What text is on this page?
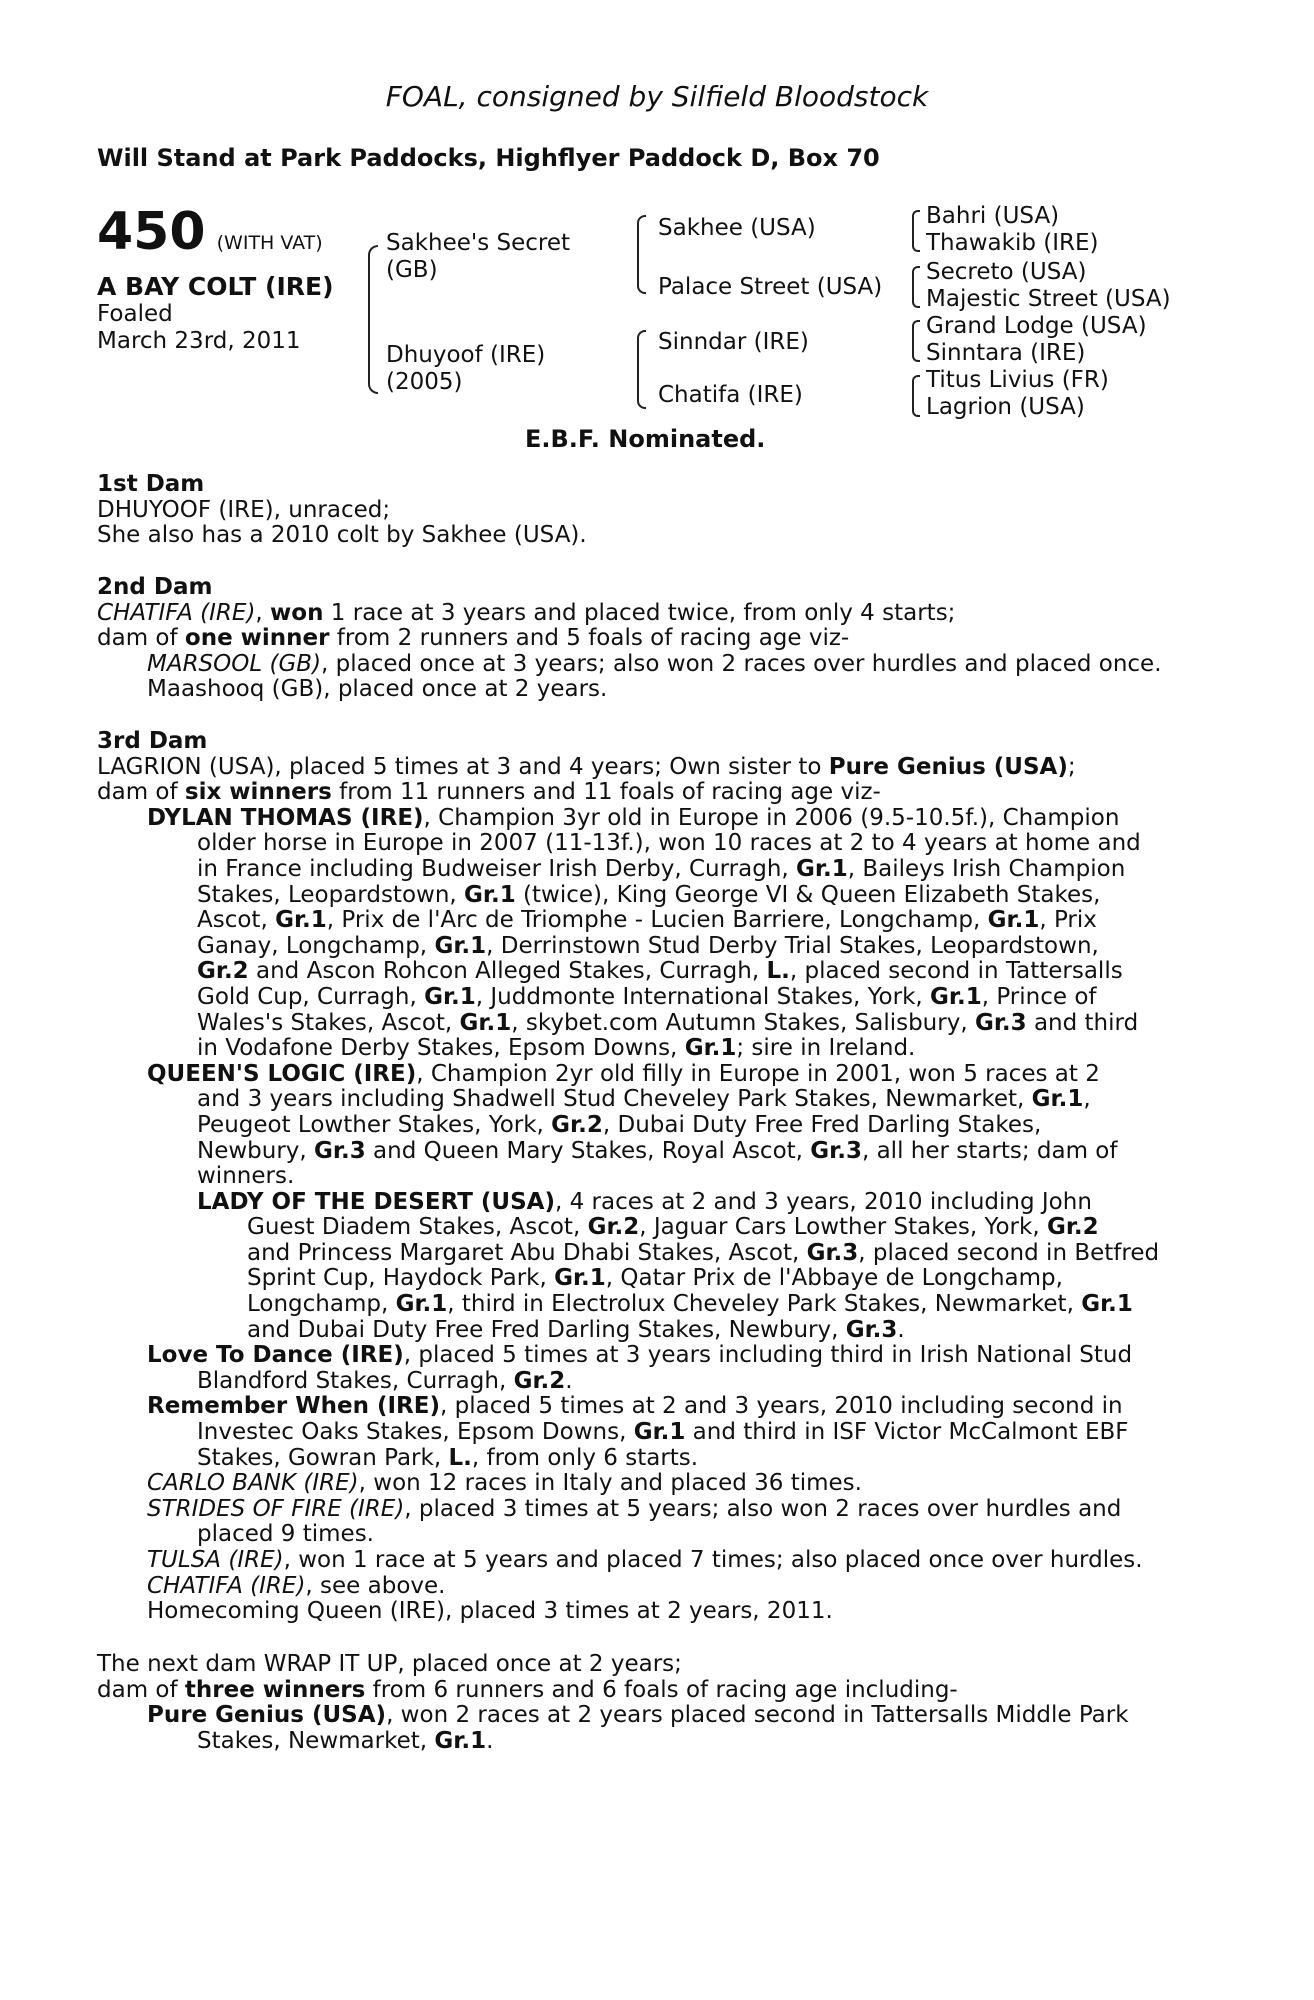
FOAL, consigned by Silfield Bloodstock
Will Stand at Park Paddocks, Highflyer Paddock D, Box 70
450 (WITH VAT)
A BAY COLT (IRE)
Foaled
March 23rd, 2011
Sakhee's Secret
(GB)
Dhuyoof (IRE)
(2005)
Sakhee (USA)
Palace Street (USA)
Sinndar (IRE)
Chatifa (IRE)
Bahri (USA)
Thawakib (IRE)
Secreto (USA)
Majestic Street (USA)
Grand Lodge (USA)
Sinntara (IRE)
Titus Livius (FR)
Lagrion (USA)
E.B.F. Nominated.
1st Dam
DHUYOOF (IRE), unraced;
She also has a 2010 colt by Sakhee (USA).
2nd Dam
CHATIFA (IRE), won 1 race at 3 years and placed twice, from only 4 starts;
dam of one winner from 2 runners and 5 foals of racing age viz-
MARSOOL (GB), placed once at 3 years; also won 2 races over hurdles and placed once.
Maashooq (GB), placed once at 2 years.
3rd Dam
LAGRION (USA), placed 5 times at 3 and 4 years; Own sister to Pure Genius (USA);
dam of six winners from 11 runners and 11 foals of racing age viz-
DYLAN THOMAS (IRE), Champion 3yr old in Europe in 2006 (9.5-10.5f.), Champion
older horse in Europe in 2007 (11-13f.), won 10 races at 2 to 4 years at home and
in France including Budweiser Irish Derby, Curragh, Gr.1, Baileys Irish Champion
Stakes, Leopardstown, Gr.1 (twice), King George VI & Queen Elizabeth Stakes,
Ascot, Gr.1, Prix de l'Arc de Triomphe - Lucien Barriere, Longchamp, Gr.1, Prix
Ganay, Longchamp, Gr.1, Derrinstown Stud Derby Trial Stakes, Leopardstown,
Gr.2 and Ascon Rohcon Alleged Stakes, Curragh, L., placed second in Tattersalls
Gold Cup, Curragh, Gr.1, Juddmonte International Stakes, York, Gr.1, Prince of
Wales's Stakes, Ascot, Gr.1, skybet.com Autumn Stakes, Salisbury, Gr.3 and third
in Vodafone Derby Stakes, Epsom Downs, Gr.1; sire in Ireland.
QUEEN'S LOGIC (IRE), Champion 2yr old filly in Europe in 2001, won 5 races at 2
and 3 years including Shadwell Stud Cheveley Park Stakes, Newmarket, Gr.1,
Peugeot Lowther Stakes, York, Gr.2, Dubai Duty Free Fred Darling Stakes,
Newbury, Gr.3 and Queen Mary Stakes, Royal Ascot, Gr.3, all her starts; dam of
winners.
LADY OF THE DESERT (USA), 4 races at 2 and 3 years, 2010 including John
Guest Diadem Stakes, Ascot, Gr.2, Jaguar Cars Lowther Stakes, York, Gr.2
and Princess Margaret Abu Dhabi Stakes, Ascot, Gr.3, placed second in Betfred
Sprint Cup, Haydock Park, Gr.1, Qatar Prix de l'Abbaye de Longchamp,
Longchamp, Gr.1, third in Electrolux Cheveley Park Stakes, Newmarket, Gr.1
and Dubai Duty Free Fred Darling Stakes, Newbury, Gr.3.
Love To Dance (IRE), placed 5 times at 3 years including third in Irish National Stud
Blandford Stakes, Curragh, Gr.2.
Remember When (IRE), placed 5 times at 2 and 3 years, 2010 including second in
Investec Oaks Stakes, Epsom Downs, Gr.1 and third in ISF Victor McCalmont EBF
Stakes, Gowran Park, L., from only 6 starts.
CARLO BANK (IRE), won 12 races in Italy and placed 36 times.
STRIDES OF FIRE (IRE), placed 3 times at 5 years; also won 2 races over hurdles and
placed 9 times.
TULSA (IRE), won 1 race at 5 years and placed 7 times; also placed once over hurdles.
CHATIFA (IRE), see above.
Homecoming Queen (IRE), placed 3 times at 2 years, 2011.
The next dam WRAP IT UP, placed once at 2 years;
dam of three winners from 6 runners and 6 foals of racing age including-
Pure Genius (USA), won 2 races at 2 years placed second in Tattersalls Middle Park
Stakes, Newmarket, Gr.1.
